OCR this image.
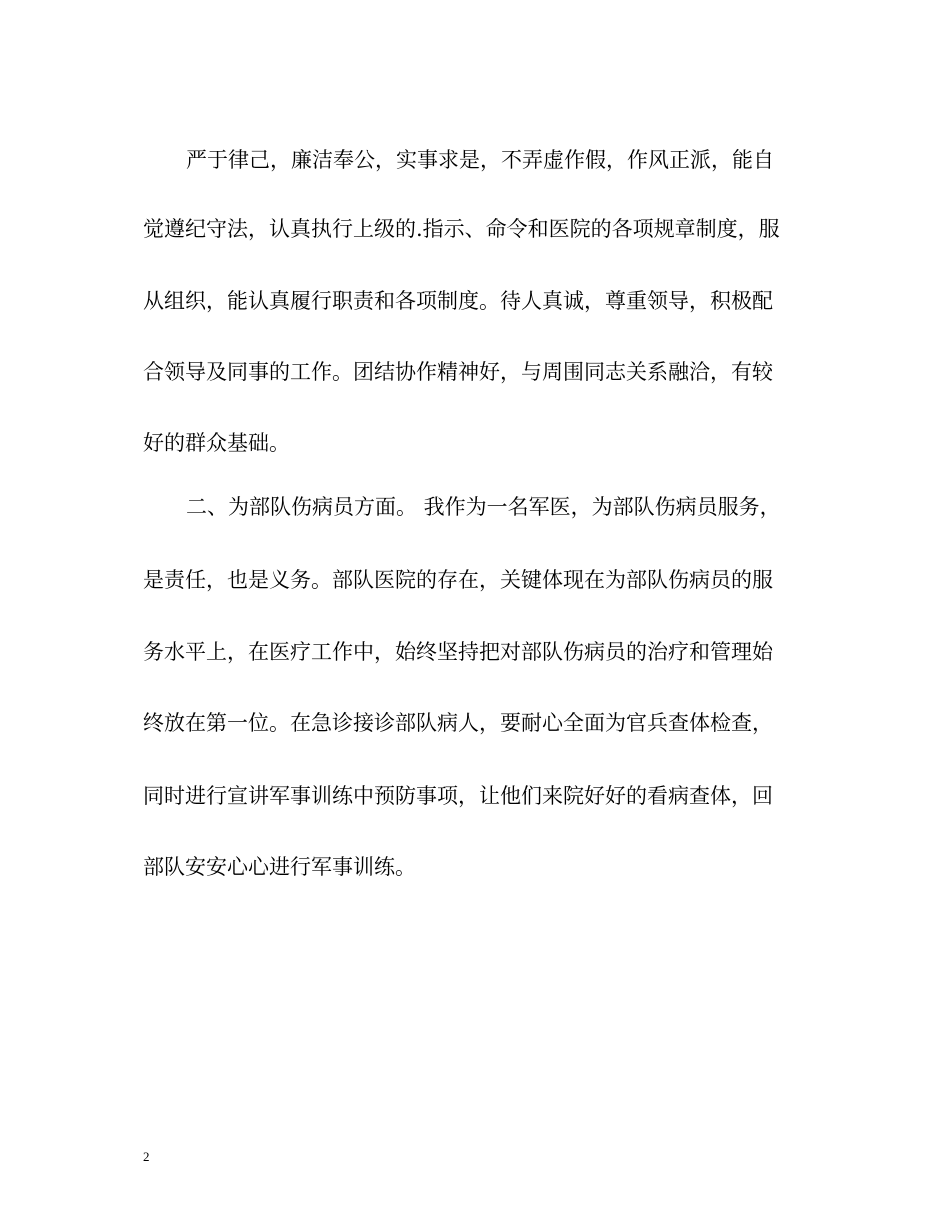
严于律己，廉洁奉公，实事求是，不弄虚作假，作风正派，能自
觉遵纪守法，认真执行上级的.指示、命令和医院的各项规章制度，服
从组织，能认真履行职责和各项制度。待人真诚，尊重领导，积极配
合领导及同事的工作。团结协作精神好，与周围同志关系融洽，有较
好的群众基础。
二、为部队伤病员方面。 我作为一名军医，为部队伤病员服务，
是责任，也是义务。部队医院的存在，关键体现在为部队伤病员的服
务水平上，在医疗工作中，始终坚持把对部队伤病员的治疗和管理始
终放在第一位。在急诊接诊部队病人，要耐心全面为官兵查体检查，
同时进行宣讲军事训练中预防事项，让他们来院好好的看病查体，回
部队安安心心进行军事训练。
2
